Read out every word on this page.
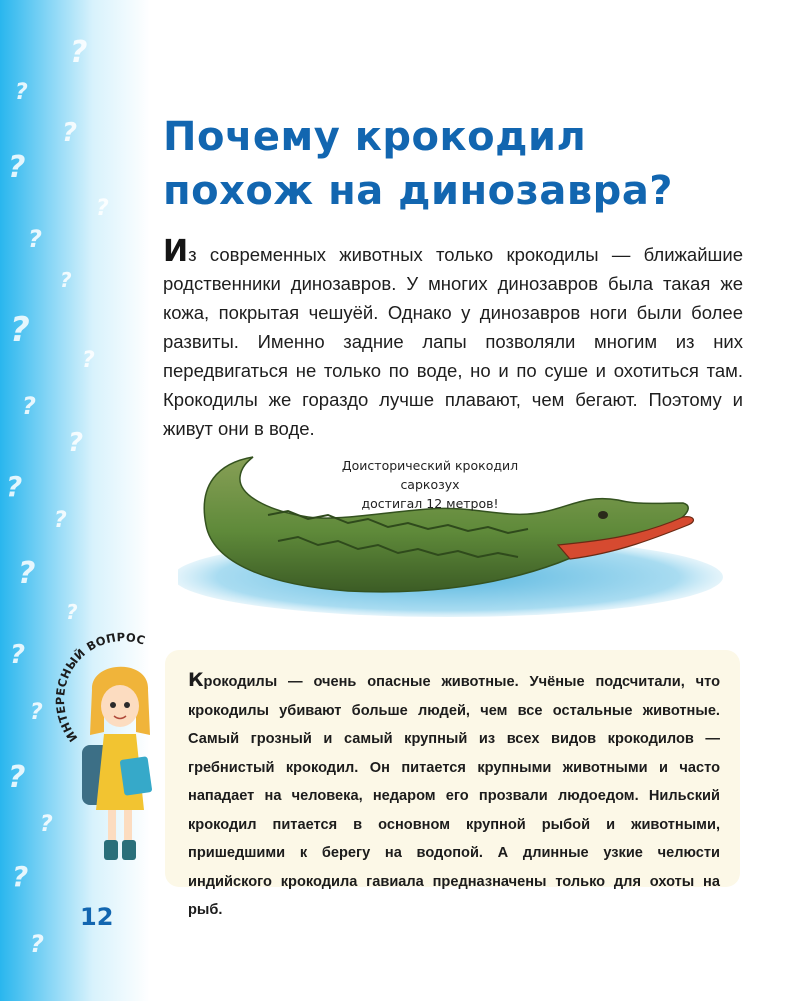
?
?
?
?
?
?
?
?
?
?
?
?
?
?
?
?
?
?
?
?
?
Почему крокодил
похож на динозавра?

Из современных животных только крокодилы — ближайшие родственники динозавров. У многих динозавров была такая же кожа, покрытая чешуёй. Однако у динозавров ноги были более развиты. Именно задние лапы позволяли многим из них передвигаться не только по воде, но и по суше и охотиться там. Крокодилы же гораздо лучше плавают, чем бегают. Поэтому и живут они в воде.

Доисторический крокодил саркозух
достигал 12 метров!

Крокодилы — очень опасные животные. Учёные подсчитали, что крокодилы убивают больше людей, чем все остальные животные. Самый грозный и самый крупный из всех видов крокодилов — гребнистый крокодил. Он питается крупными животными и часто нападает на человека, недаром его прозвали людоедом. Нильский крокодил питается в основном крупной рыбой и животными, пришедшими к берегу на водопой. А длинные узкие челюсти индийского крокодила гавиала предназначены только для охоты на рыб.

ИНТЕРЕСНЫЙ ВОПРОС
12
